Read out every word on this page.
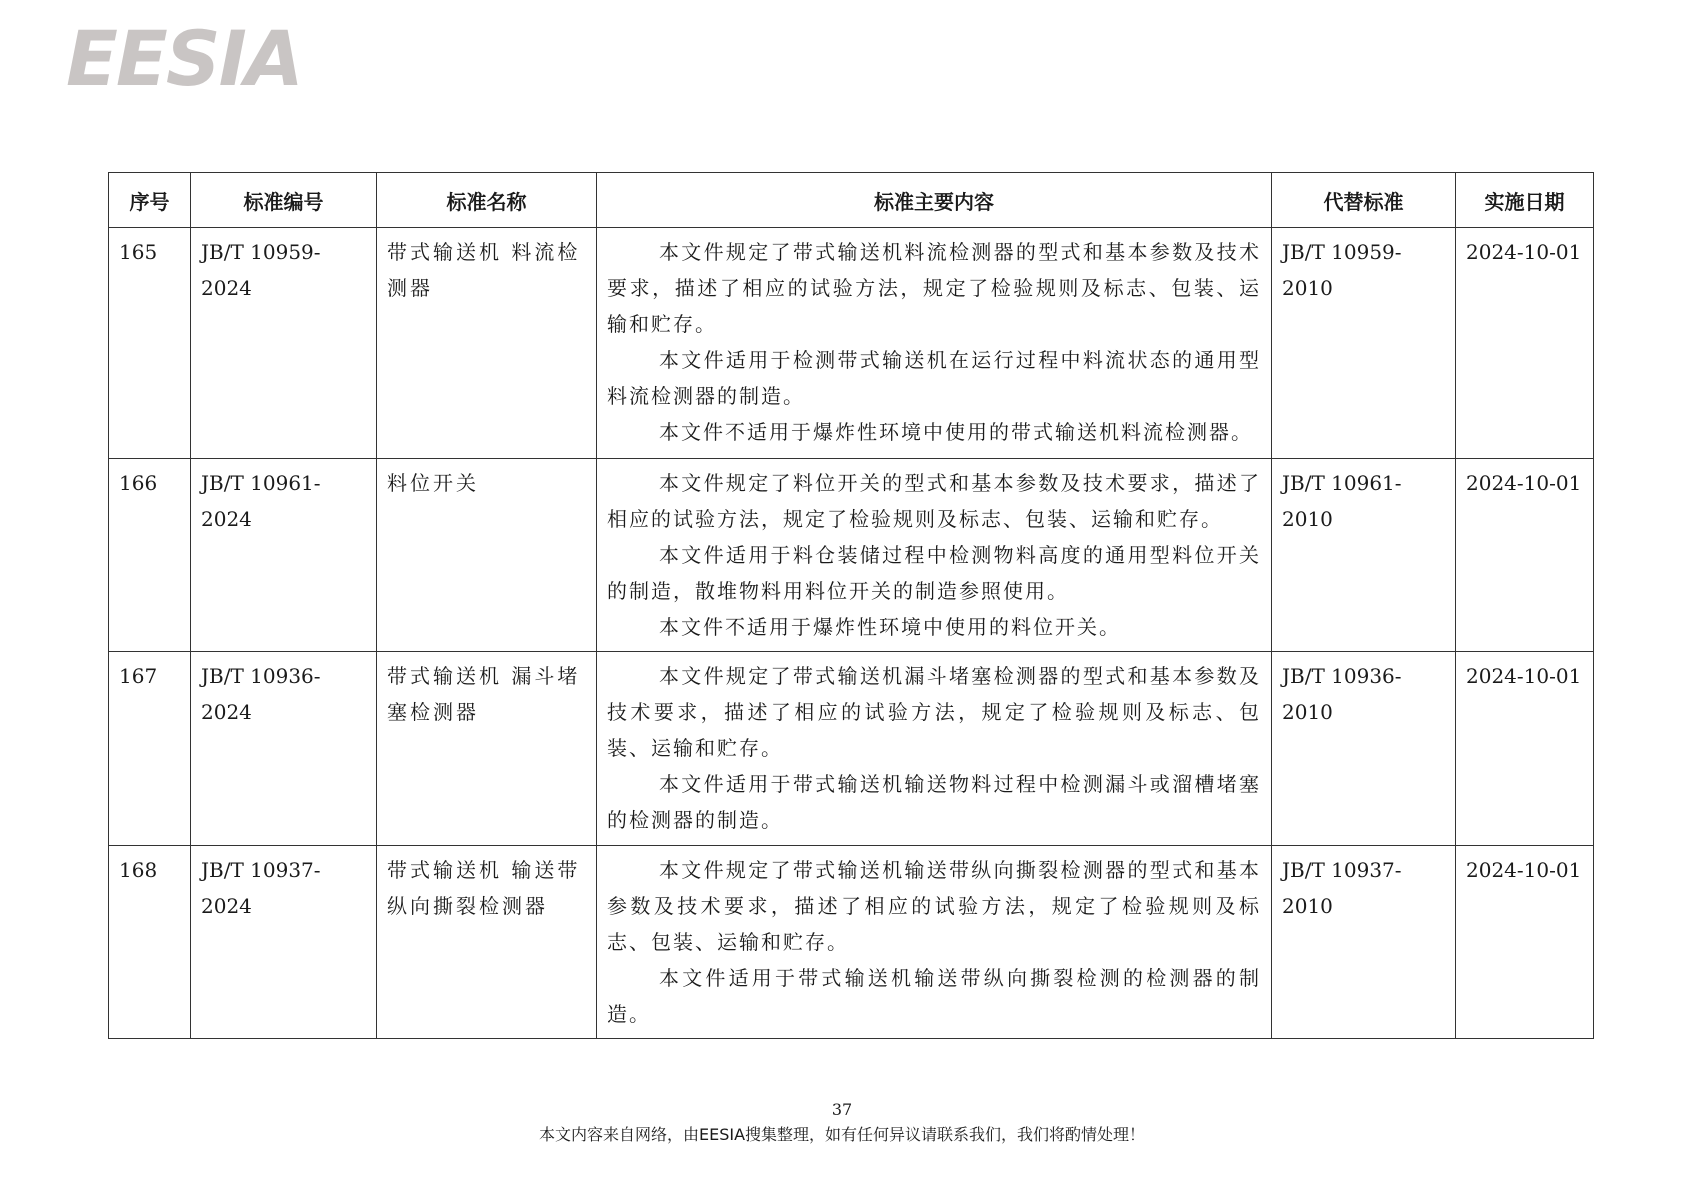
EESIA
序号	标准编号	标准名称	标准主要内容	代替标准	实施日期
165	JB/T 10959-2024	带式输送机 料流检测器	本文件规定了带式输送机料流检测器的型式和基本参数及技术要求，描述了相应的试验方法，规定了检验规则及标志、包装、运输和贮存。

本文件适用于检测带式输送机在运行过程中料流状态的通用型料流检测器的制造。

本文件不适用于爆炸性环境中使用的带式输送机料流检测器。	JB/T 10959-2010	2024-10-01
166	JB/T 10961-2024	料位开关	本文件规定了料位开关的型式和基本参数及技术要求，描述了相应的试验方法，规定了检验规则及标志、包装、运输和贮存。

本文件适用于料仓装储过程中检测物料高度的通用型料位开关的制造，散堆物料用料位开关的制造参照使用。

本文件不适用于爆炸性环境中使用的料位开关。	JB/T 10961-2010	2024-10-01
167	JB/T 10936-2024	带式输送机 漏斗堵塞检测器	本文件规定了带式输送机漏斗堵塞检测器的型式和基本参数及技术要求，描述了相应的试验方法，规定了检验规则及标志、包装、运输和贮存。

本文件适用于带式输送机输送物料过程中检测漏斗或溜槽堵塞的检测器的制造。	JB/T 10936-2010	2024-10-01
168	JB/T 10937-2024	带式输送机 输送带纵向撕裂检测器	本文件规定了带式输送机输送带纵向撕裂检测器的型式和基本参数及技术要求，描述了相应的试验方法，规定了检验规则及标志、包装、运输和贮存。

本文件适用于带式输送机输送带纵向撕裂检测的检测器的制造。	JB/T 10937-2010	2024-10-01
37
本文内容来自网络，由EESIA搜集整理，如有任何异议请联系我们，我们将酌情处理！
